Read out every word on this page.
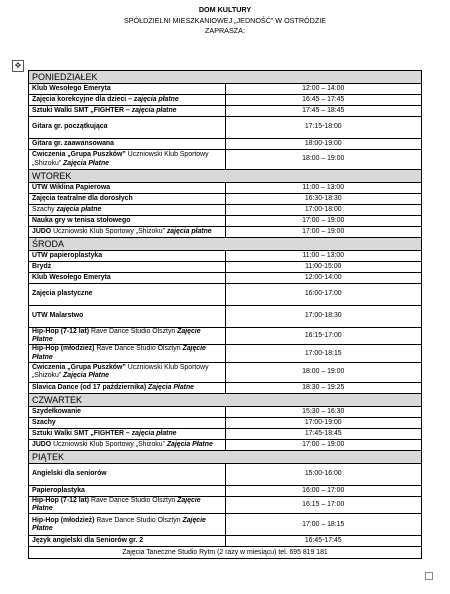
DOM KULTURY
SPÓŁDZIELNI MIESZKANIOWEJ „JEDNOŚĆ” W OSTRÓDZIE
ZAPRASZA:
✥
PONIEDZIAŁEK	
Klub Wesołego Emeryta	12:00 – 14:00
Zajęcia korekcyjne dla dzieci – zajęcia płatne	16:45 – 17:45
Sztuki Walki SMT „FIGHTER – zajęcia płatne	17:45 – 18:45
Gitara gr. początkująca	17:15-18:00
Gitara gr. zaawansowana	18:00-19:00
Ćwiczenia „Grupa Puszków” Uczniowski Klub Sportowy „Shizoku” Zajęcia Płatne	18:00 – 19:00
WTOREK	
UTW Wiklina Papierowa	11:00 – 13:00
Zajęcia teatralne dla dorosłych	16:30-18:30
Szachy zajęcia płatne	17:00-18:00
Nauka gry w tenisa stołowego	17:00 – 19:00
JUDO Uczniowski Klub Sportowy „Shizoku” zajęcia płatne	17:00 – 19:00
ŚRODA	
UTW papieroplastyka	11:00 – 13:00
Brydż	11:00-15:00
Klub Wesołego Emeryta	12:00-14:00
Zajęcia plastyczne	16:00-17:00
UTW Malarstwo	17:00-18:30
Hip-Hop (7-12 lat) Rave Dance Studio Olsztyn Zajęcie Płatne	16:15-17:00
Hip-Hop (młodzież) Rave Dance Studio Olsztyn Zajęcie Płatne	17:00-18:15
Ćwiczenia „Grupa Puszków” Uczniowski Klub Sportowy „Shizoku” Zajęcia Płatne	18:00 – 19:00
Slavica Dance (od 17 października) Zajęcia Płatne	18:30 – 19:25
CZWARTEK	
Szydełkowanie	15:30 – 16:30
Szachy	17:00-19:00
Sztuki Walki SMT „FIGHTER – zajęcia płatne	17:45-18:45
JUDO Uczniowski Klub Sportowy „Shizoku” Zajęcia Płatne	17:00 – 19:00
PIĄTEK	
Angielski dla seniorów	15:00-16:00
Papieroplastyka	16:00 – 17:00
Hip-Hop (7-12 lat) Rave Dance Studio Olsztyn Zajęcie Płatne	16:15 – 17:00
Hip-Hop (młodzież) Rave Dance Studio Olsztyn Zajęcie Płatne	17:00 – 18:15
Język angielski dla Seniorów gr. 2	16:45-17:45
Zajęcia Taneczne Studio Rytm (2 razy w miesiącu) tel. 695 819 181	
